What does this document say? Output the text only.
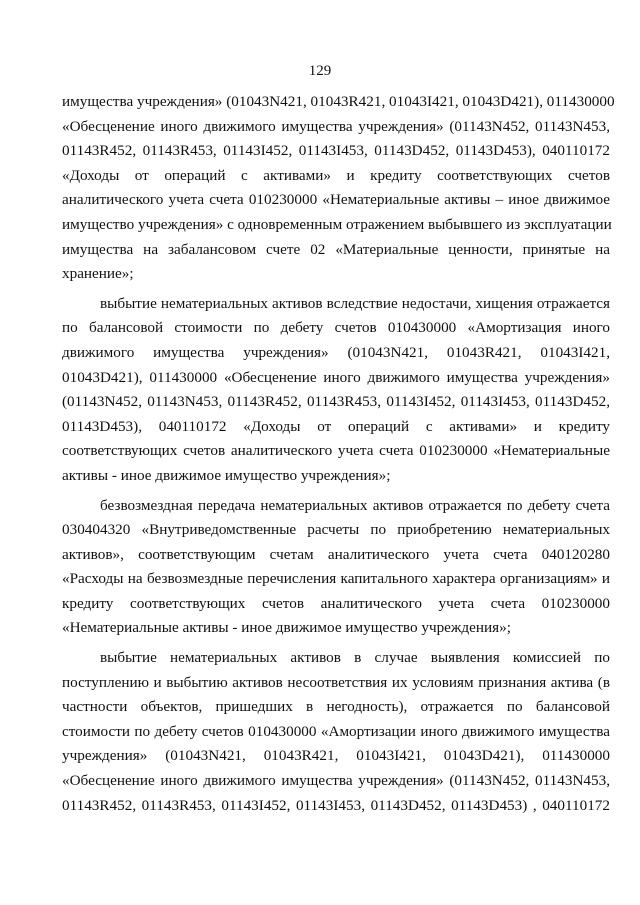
129
имущества учреждения» (01043N421, 01043R421, 01043I421, 01043D421), 011430000
«Обесценение иного движимого имущества учреждения» (01143N452, 01143N453,
01143R452, 01143R453, 01143I452, 01143I453, 01143D452, 01143D453), 040110172
«Доходы от операций с активами» и кредиту соответствующих счетов
аналитического учета счета 010230000 «Нематериальные активы – иное движимое
имущество учреждения» с одновременным отражением выбывшего из эксплуатации
имущества на забалансовом счете 02 «Материальные ценности, принятые на
хранение»;
выбытие нематериальных активов вследствие недостачи, хищения отражается
по балансовой стоимости по дебету счетов 010430000 «Амортизация иного
движимого имущества учреждения» (01043N421, 01043R421, 01043I421,
01043D421), 011430000 «Обесценение иного движимого имущества учреждения»
(01143N452, 01143N453, 01143R452, 01143R453, 01143I452, 01143I453, 01143D452,
01143D453), 040110172 «Доходы от операций с активами» и кредиту
соответствующих счетов аналитического учета счета 010230000 «Нематериальные
активы - иное движимое имущество учреждения»;
безвозмездная передача нематериальных активов отражается по дебету счета
030404320 «Внутриведомственные расчеты по приобретению нематериальных
активов», соответствующим счетам аналитического учета счета 040120280
«Расходы на безвозмездные перечисления капитального характера организациям» и
кредиту соответствующих счетов аналитического учета счета 010230000
«Нематериальные активы - иное движимое имущество учреждения»;
выбытие нематериальных активов в случае выявления комиссией по
поступлению и выбытию активов несоответствия их условиям признания актива (в
частности объектов, пришедших в негодность), отражается по балансовой
стоимости по дебету счетов 010430000 «Амортизации иного движимого имущества
учреждения» (01043N421, 01043R421, 01043I421, 01043D421), 011430000
«Обесценение иного движимого имущества учреждения» (01143N452, 01143N453,
01143R452, 01143R453, 01143I452, 01143I453, 01143D452, 01143D453) , 040110172
